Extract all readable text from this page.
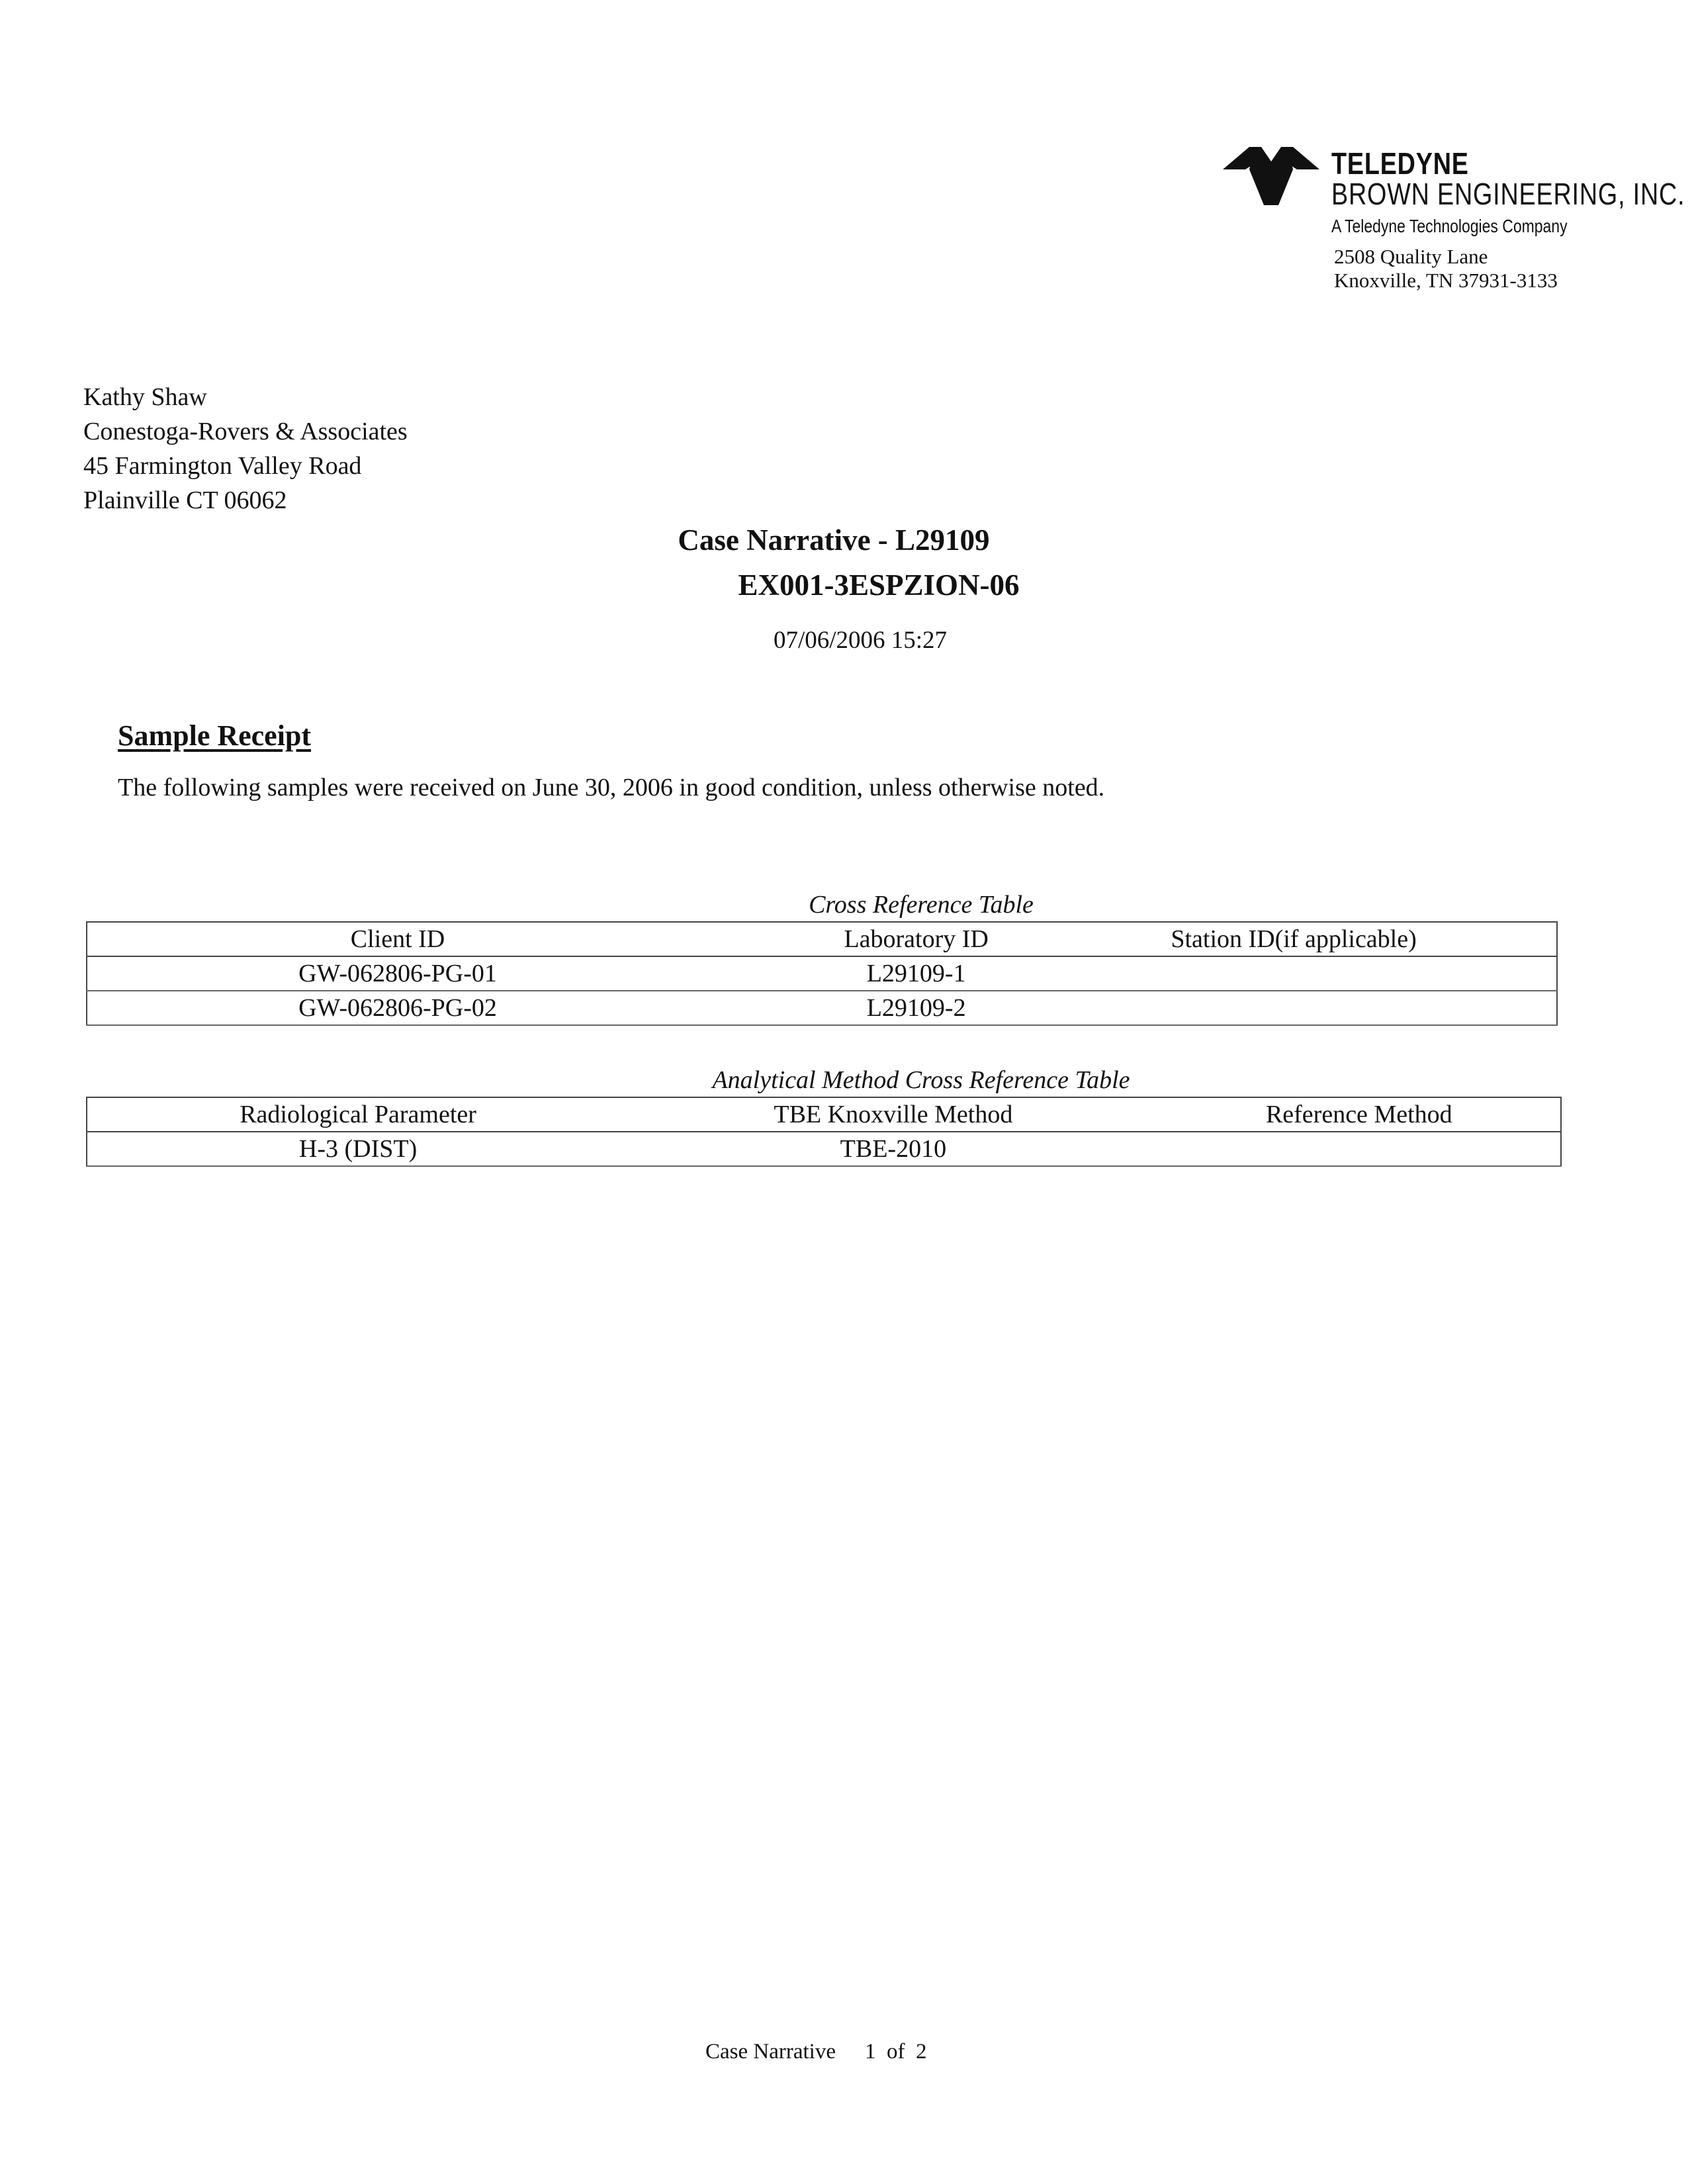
TELEDYNE
BROWN ENGINEERING, INC.
A Teledyne Technologies Company
2508 Quality Lane
Knoxville, TN 37931-3133
Kathy Shaw
Conestoga-Rovers & Associates
45 Farmington Valley Road
Plainville CT 06062
Case Narrative - L29109
EX001-3ESPZION-06
07/06/2006 15:27
Sample Receipt
The following samples were received on June 30, 2006 in good condition, unless otherwise noted.
Cross Reference Table
Client ID	Laboratory ID	Station ID(if applicable)
GW-062806-PG-01	L29109-1	
GW-062806-PG-02	L29109-2	
Analytical Method Cross Reference Table
Radiological Parameter	TBE Knoxville Method	Reference Method
H-3 (DIST)	TBE-2010	
Case Narrative 1 of 2
